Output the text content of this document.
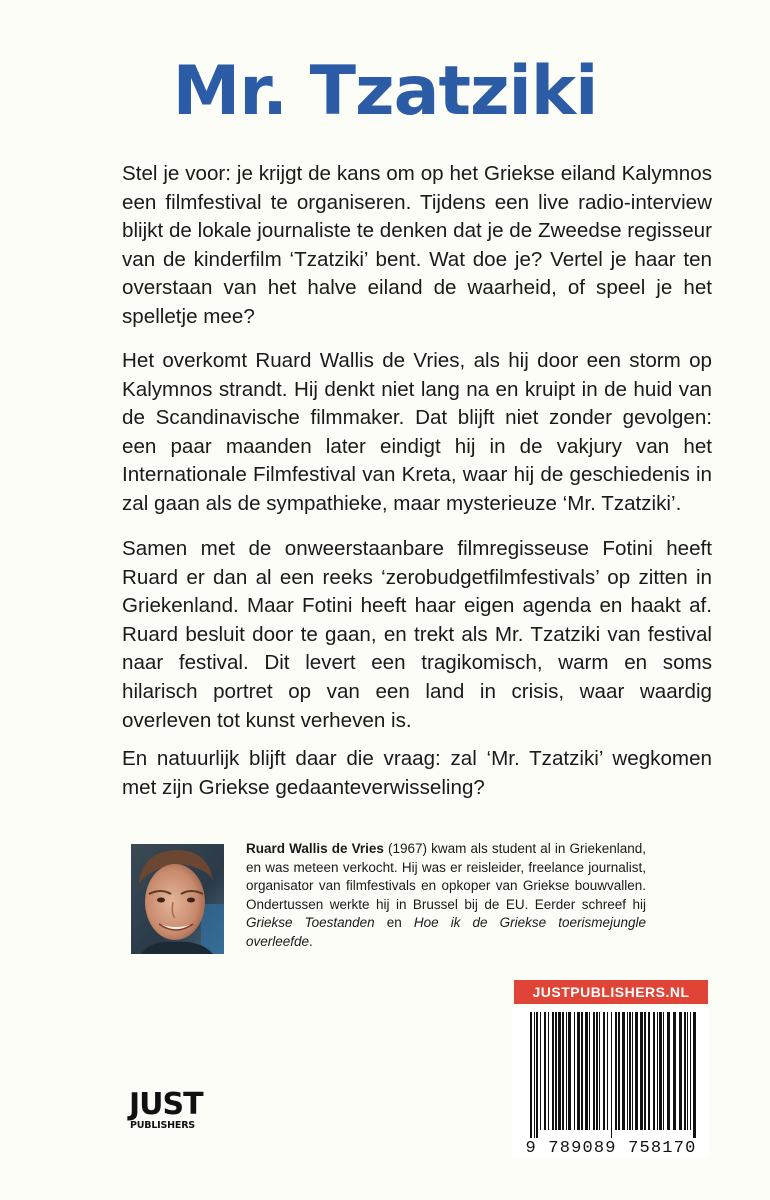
Mr. Tzatziki

Stel je voor: je krijgt de kans om op het Griekse eiland Kalymnos een filmfestival te organiseren. Tijdens een live radio-interview blijkt de lokale journaliste te denken dat je de Zweedse regisseur van de kinderfilm ‘Tzatziki’ bent. Wat doe je? Vertel je haar ten overstaan van het halve eiland de waarheid, of speel je het spelletje mee?

Het overkomt Ruard Wallis de Vries, als hij door een storm op Kalymnos strandt. Hij denkt niet lang na en kruipt in de huid van de Scandinavische filmmaker. Dat blijft niet zonder gevolgen: een paar maanden later eindigt hij in de vakjury van het Internationale Filmfestival van Kreta, waar hij de geschiedenis in zal gaan als de sympathieke, maar mysterieuze ‘Mr. Tzatziki’.

Samen met de onweerstaanbare filmregisseuse Fotini heeft Ruard er dan al een reeks ‘zerobudgetfilmfestivals’ op zitten in Griekenland. Maar Fotini heeft haar eigen agenda en haakt af. Ruard besluit door te gaan, en trekt als Mr. Tzatziki van festival naar festival. Dit levert een tragikomisch, warm en soms hilarisch portret op van een land in crisis, waar waardig overleven tot kunst verheven is.

En natuurlijk blijft daar die vraag: zal ‘Mr. Tzatziki’ wegkomen met zijn Griekse gedaanteverwisseling?

Ruard Wallis de Vries (1967) kwam als student al in Griekenland, en was meteen verkocht. Hij was er reisleider, freelance journalist, organisator van filmfestivals en opkoper van Griekse bouwvallen. Ondertussen werkte hij in Brussel bij de EU. Eerder schreef hij Griekse Toestanden en Hoe ik de Griekse toerismejungle overleefde.

JUSTPUBLISHERS.NL
9 789089 758170
JUST
PUBLISHERS
